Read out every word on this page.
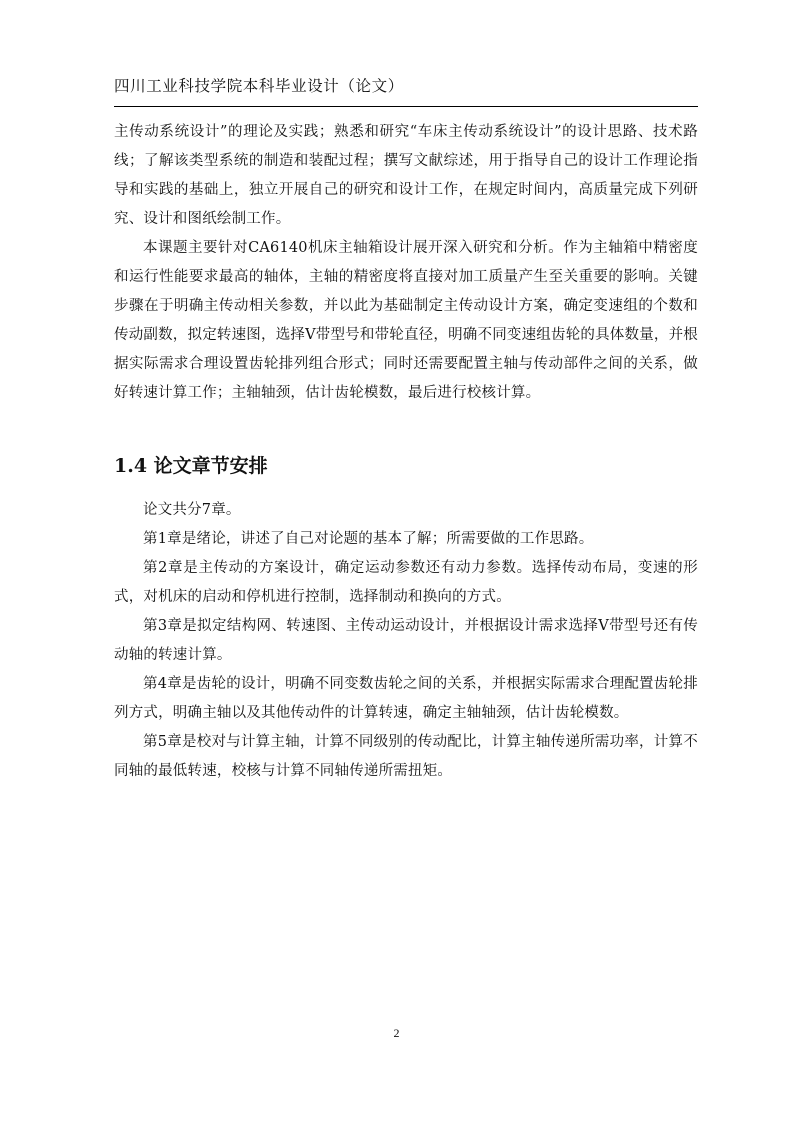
四川工业科技学院本科毕业设计（论文）
主传动系统设计”的理论及实践；熟悉和研究“车床主传动系统设计”的设计思路、技术路线；了解该类型系统的制造和装配过程；撰写文献综述，用于指导自己的设计工作理论指导和实践的基础上，独立开展自己的研究和设计工作，在规定时间内，高质量完成下列研究、设计和图纸绘制工作。
本课题主要针对CA6140机床主轴箱设计展开深入研究和分析。作为主轴箱中精密度和运行性能要求最高的轴体，主轴的精密度将直接对加工质量产生至关重要的影响。关键步骤在于明确主传动相关参数，并以此为基础制定主传动设计方案，确定变速组的个数和传动副数，拟定转速图，选择V带型号和带轮直径，明确不同变速组齿轮的具体数量，并根据实际需求合理设置齿轮排列组合形式；同时还需要配置主轴与传动部件之间的关系，做好转速计算工作；主轴轴颈，估计齿轮模数，最后进行校核计算。
1.4 论文章节安排
论文共分7章。
第1章是绪论，讲述了自己对论题的基本了解；所需要做的工作思路。
第2章是主传动的方案设计，确定运动参数还有动力参数。选择传动布局，变速的形式，对机床的启动和停机进行控制，选择制动和换向的方式。
第3章是拟定结构网、转速图、主传动运动设计，并根据设计需求选择V带型号还有传动轴的转速计算。
第4章是齿轮的设计，明确不同变数齿轮之间的关系，并根据实际需求合理配置齿轮排列方式，明确主轴以及其他传动件的计算转速，确定主轴轴颈，估计齿轮模数。
第5章是校对与计算主轴，计算不同级别的传动配比，计算主轴传递所需功率，计算不同轴的最低转速，校核与计算不同轴传递所需扭矩。
2
